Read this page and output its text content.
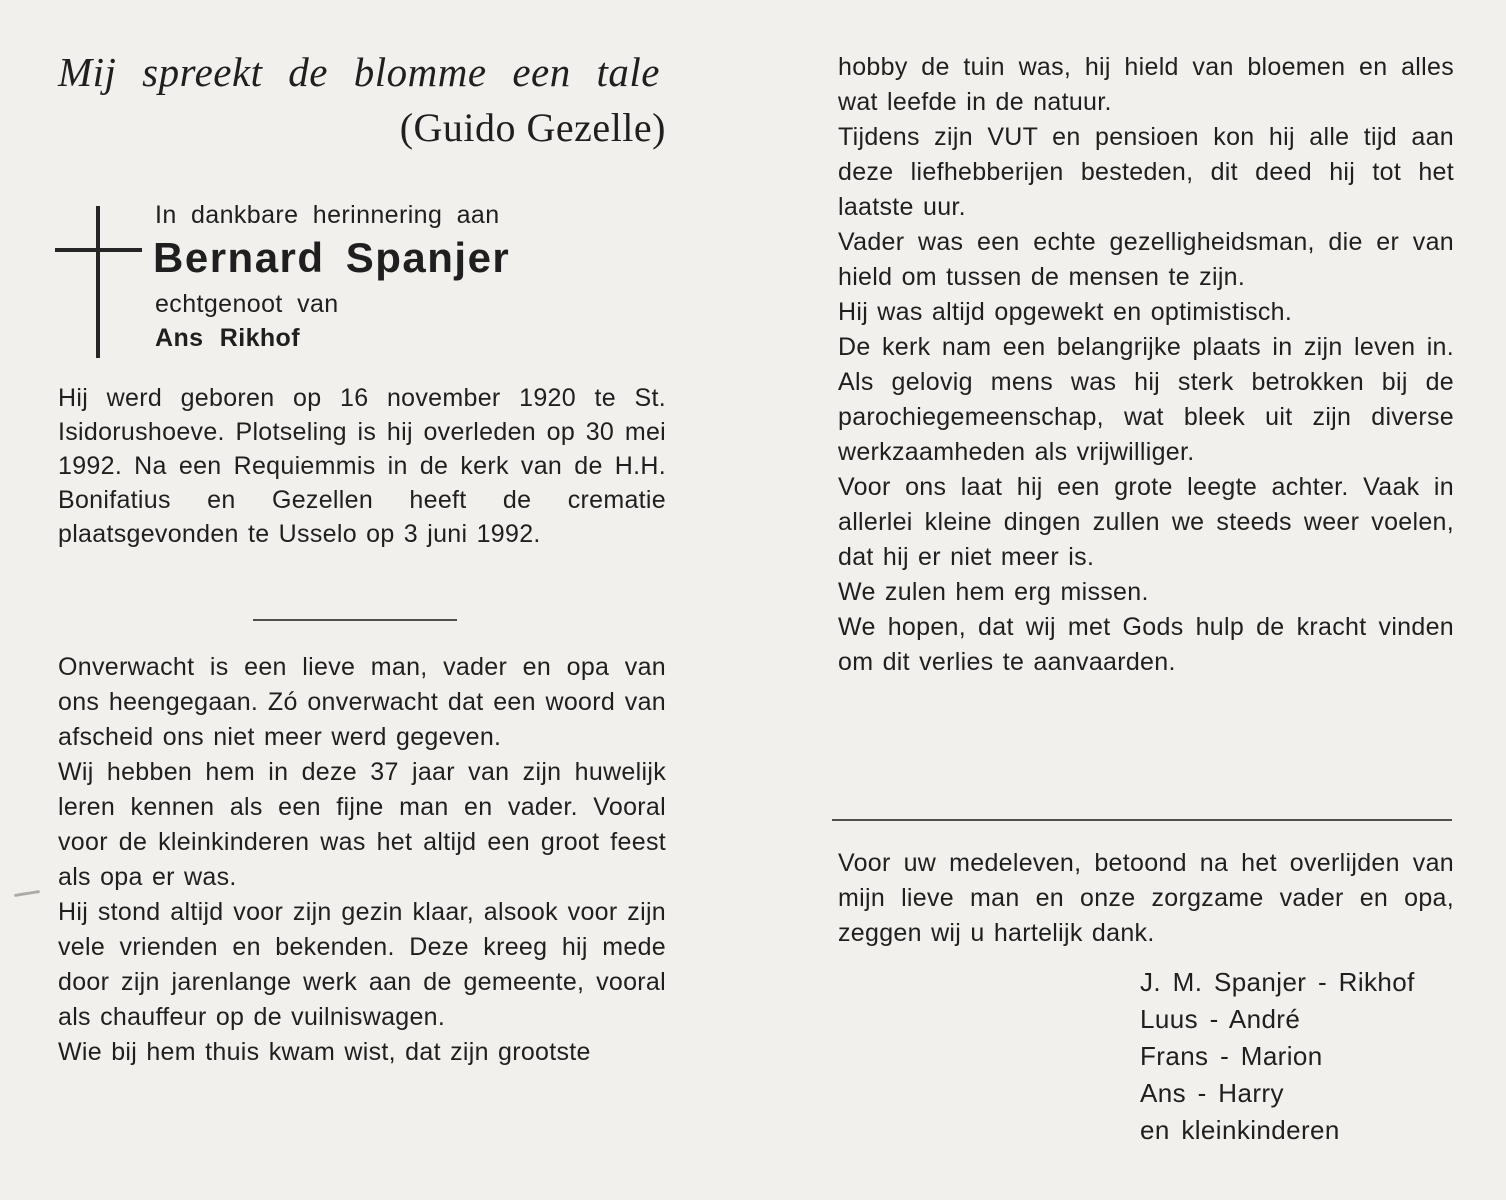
Mij spreekt de blomme een tale
(Guido Gezelle)
In dankbare herinnering aan
Bernard Spanjer
echtgenoot van
Ans Rikhof
Hij werd geboren op 16 november 1920 te St. Isidorushoeve. Plotseling is hij overleden op 30 mei 1992. Na een Requiemmis in de kerk van de H.H. Bonifatius en Gezellen heeft de crematie plaatsgevonden te Usselo op 3 juni 1992.

Onverwacht is een lieve man, vader en opa van ons heengegaan. Zó onverwacht dat een woord van afscheid ons niet meer werd gegeven.

Wij hebben hem in deze 37 jaar van zijn huwelijk leren kennen als een fijne man en vader. Vooral voor de kleinkinderen was het altijd een groot feest als opa er was.

Hij stond altijd voor zijn gezin klaar, alsook voor zijn vele vrienden en bekenden. Deze kreeg hij mede door zijn jarenlange werk aan de gemeente, vooral als chauffeur op de vuilniswagen.

Wie bij hem thuis kwam wist, dat zijn grootste

hobby de tuin was, hij hield van bloemen en alles wat leefde in de natuur.

Tijdens zijn VUT en pensioen kon hij alle tijd aan deze liefhebberijen besteden, dit deed hij tot het laatste uur.

Vader was een echte gezelligheidsman, die er van hield om tussen de mensen te zijn.

Hij was altijd opgewekt en optimistisch.

De kerk nam een belangrijke plaats in zijn leven in. Als gelovig mens was hij sterk betrokken bij de parochiegemeenschap, wat bleek uit zijn diverse werkzaamheden als vrijwilliger.

Voor ons laat hij een grote leegte achter. Vaak in allerlei kleine dingen zullen we steeds weer voelen, dat hij er niet meer is.

We zulen hem erg missen.

We hopen, dat wij met Gods hulp de kracht vinden om dit verlies te aanvaarden.

Voor uw medeleven, betoond na het overlijden van mijn lieve man en onze zorgzame vader en opa, zeggen wij u hartelijk dank.
J. M. Spanjer - Rikhof
Luus - André
Frans - Marion
Ans - Harry
en kleinkinderen
